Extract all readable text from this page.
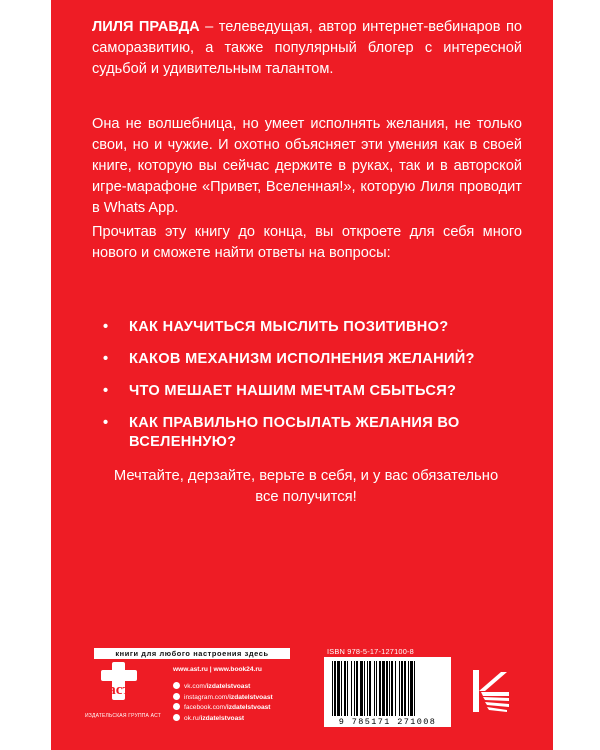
ЛИЛЯ ПРАВДА – телеведущая, автор интернет-вебинаров по саморазвитию, а также популярный блогер с интересной судьбой и удивительным талантом.

Она не волшебница, но умеет исполнять желания, не только свои, но и чужие. И охотно объясняет эти умения как в своей книге, которую вы сейчас держите в руках, так и в авторской игре-марафоне «Привет, Вселенная!», которую Лиля проводит в Whats App.

Прочитав эту книгу до конца, вы откроете для себя много нового и сможете найти ответы на вопросы:

• КАК НАУЧИТЬСЯ МЫСЛИТЬ ПОЗИТИВНО?
• КАКОВ МЕХАНИЗМ ИСПОЛНЕНИЯ ЖЕЛАНИЙ?
• ЧТО МЕШАЕТ НАШИМ МЕЧТАМ СБЫТЬСЯ?
• КАК ПРАВИЛЬНО ПОСЫЛАТЬ ЖЕЛАНИЯ ВО ВСЕЛЕННУЮ?

Мечтайте, дерзайте, верьте в себя, и у вас обязательно все получится!

книги для любого настроения здесь
аст
ИЗДАТЕЛЬСКАЯ ГРУППА АСТ
www.ast.ru | www.book24.ru
vk.com/izdatelstvoast
instagram.com/izdatelstvoast
facebook.com/izdatelstvoast
ok.ru/izdatelstvoast
ISBN 978-5-17-127100-8
9 785171 271008
